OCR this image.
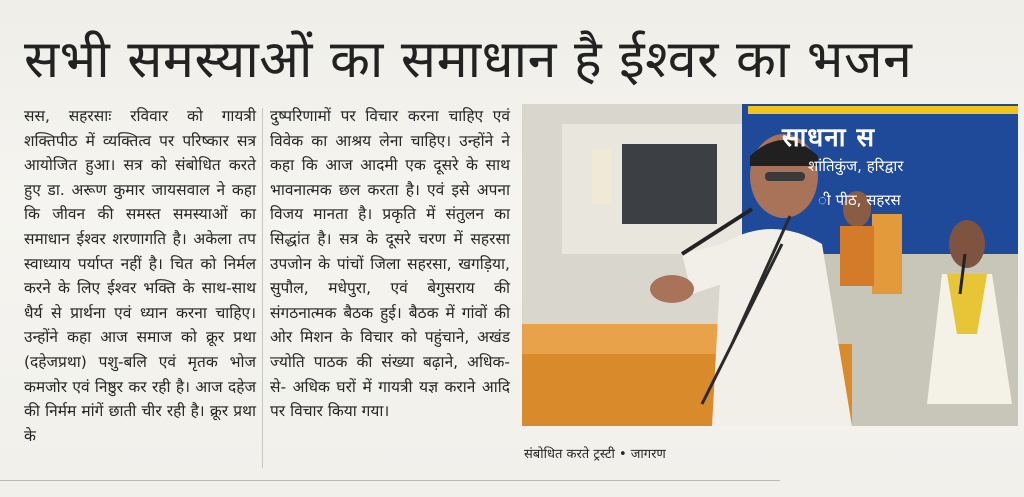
सभी समस्याओं का समाधान है ईश्वर का भजन

सस, सहरसाः रविवार को गायत्री शक्तिपीठ में व्यक्तित्व पर परिष्कार सत्र आयोजित हुआ। सत्र को संबोधित करते हुए डा. अरूण कुमार जायसवाल ने कहा कि जीवन की समस्त समस्याओं का समाधान ईश्वर शरणागति है। अकेला तप स्वाध्याय पर्याप्त नहीं है। चित को निर्मल करने के लिए ईश्वर भक्ति के साथ-साथ धैर्य से प्रार्थना एवं ध्यान करना चाहिए। उन्होंने कहा आज समाज को क्रूर प्रथा (दहेजप्रथा) पशु-बलि एवं मृतक भोज कमजोर एवं निष्ठुर कर रही है। आज दहेज की निर्मम मांगें छाती चीर रही है। क्रूर प्रथा के

दुष्परिणामों पर विचार करना चाहिए एवं विवेक का आश्रय लेना चाहिए। उन्होंने ने कहा कि आज आदमी एक दूसरे के साथ भावनात्मक छल करता है। एवं इसे अपना विजय मानता है। प्रकृति में संतुलन का सिद्धांत है। सत्र के दूसरे चरण में सहरसा उपजोन के पांचों जिला सहरसा, खगड़िया, सुपौल, मधेपुरा, एवं बेगुसराय की संगठनात्मक बैठक हुई। बैठक में गांवों की ओर मिशन के विचार को पहुंचाने, अखंड ज्योति पाठक की संख्या बढ़ाने, अधिक- से- अधिक घरों में गायत्री यज्ञ कराने आदि पर विचार किया गया।

साधना स
शांतिकुंज, हरिद्वार
ी पीठ, सहरस
संबोधित करते ट्रस्टी • जागरण
